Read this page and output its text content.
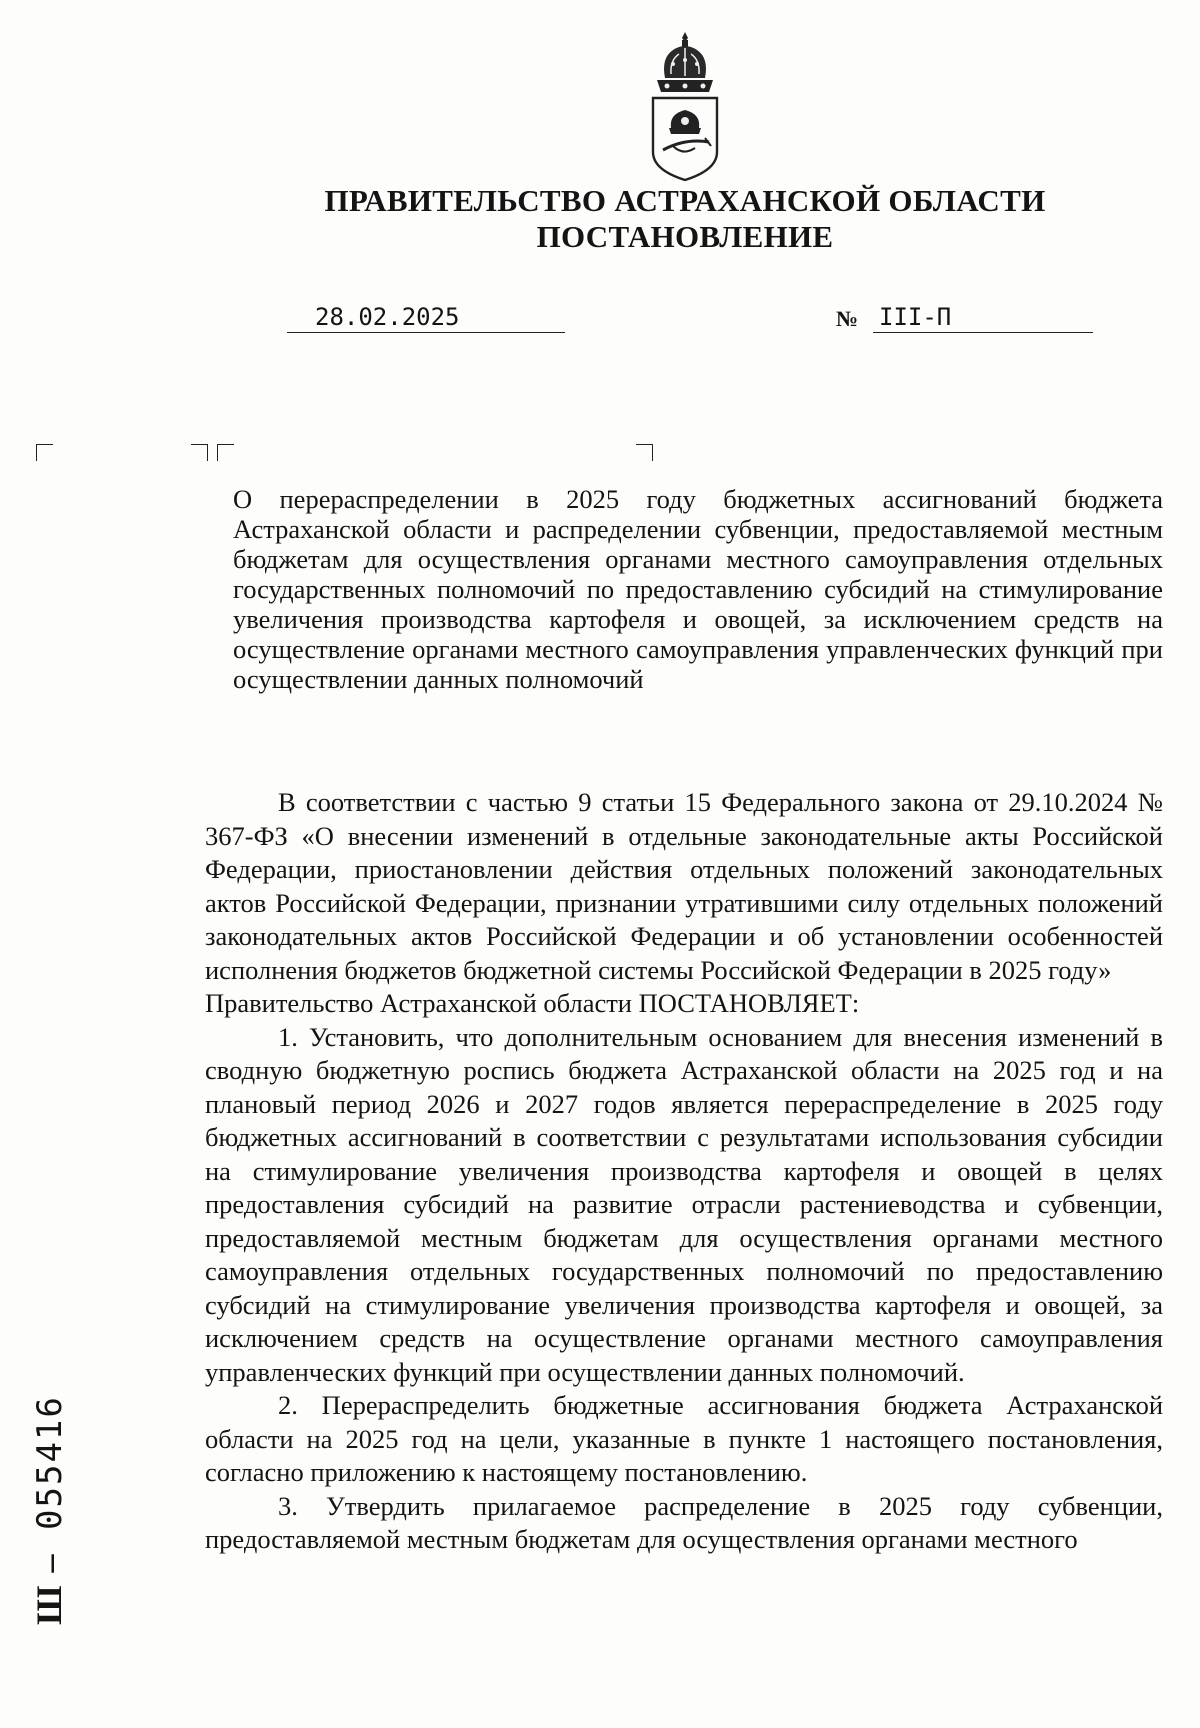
ПРАВИТЕЛЬСТВО АСТРАХАНСКОЙ ОБЛАСТИ
ПОСТАНОВЛЕНИЕ
28.02.2025	№ III-П

О перераспределении в 2025 году бюджетных ассигнований бюджета Астраханской области и распределении субвенции, предоставляемой местным бюджетам для осуществления органами местного самоуправления отдельных государственных полномочий по предоставлению субсидий на стимулирование увеличения производства картофеля и овощей, за исключением средств на осуществление органами местного самоуправления управленческих функций при осуществлении данных полномочий

В соответствии с частью 9 статьи 15 Федерального закона от 29.10.2024 № 367-ФЗ «О внесении изменений в отдельные законодательные акты Российской Федерации, приостановлении действия отдельных положений законодательных актов Российской Федерации, признании утратившими силу отдельных положений законодательных актов Российской Федерации и об установлении особенностей исполнения бюджетов бюджетной системы Российской Федерации в 2025 году»

Правительство Астраханской области ПОСТАНОВЛЯЕТ:

1. Установить, что дополнительным основанием для внесения изменений в сводную бюджетную роспись бюджета Астраханской области на 2025 год и на плановый период 2026 и 2027 годов является перераспределение в 2025 году бюджетных ассигнований в соответствии с результатами использования субсидии на стимулирование увеличения производства картофеля и овощей в целях предоставления субсидий на развитие отрасли растениеводства и субвенции, предоставляемой местным бюджетам для осуществления органами местного самоуправления отдельных государственных полномочий по предоставлению субсидий на стимулирование увеличения производства картофеля и овощей, за исключением средств на осуществление органами местного самоуправления управленческих функций при осуществлении данных полномочий.

2. Перераспределить бюджетные ассигнования бюджета Астраханской области на 2025 год на цели, указанные в пункте 1 настоящего постановления, согласно приложению к настоящему постановлению.

3. Утвердить прилагаемое распределение в 2025 году субвенции, предоставляемой местным бюджетам для осуществления органами местного

Ш – 055416
